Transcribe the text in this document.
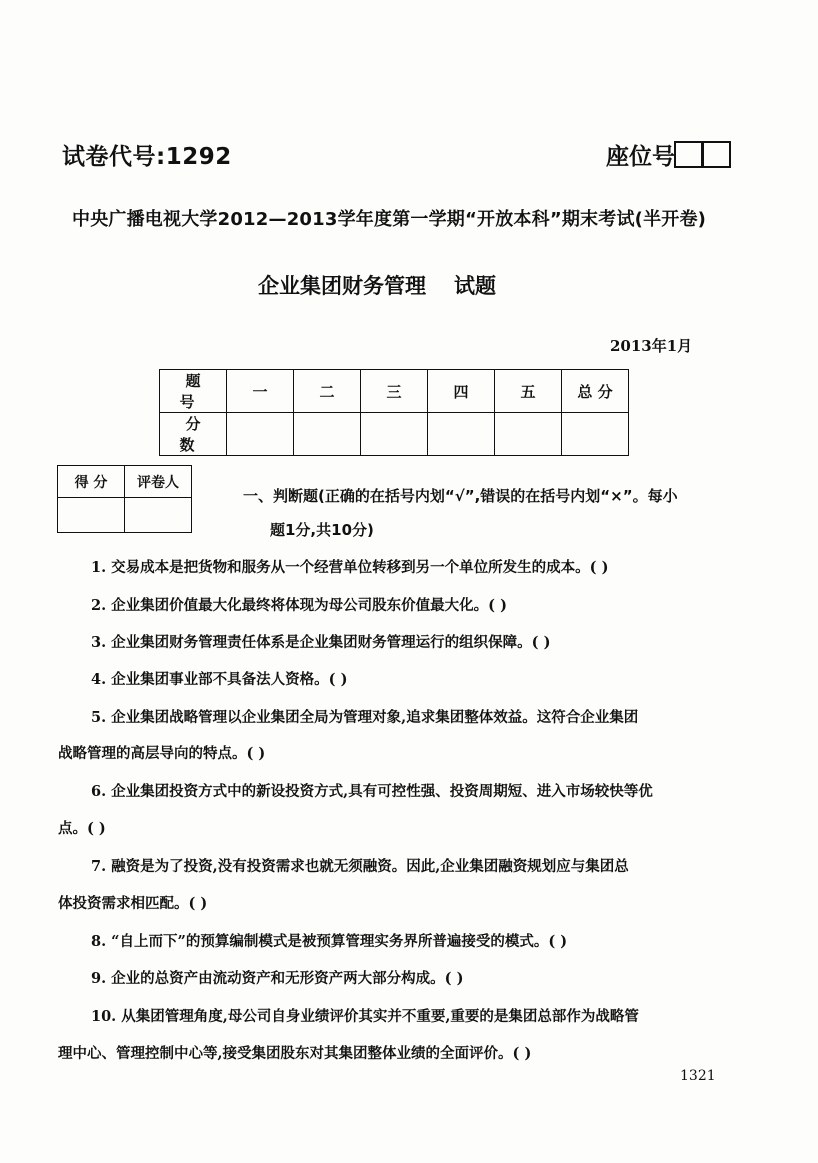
试卷代号:1292	座位号
中央广播电视大学2012—2013学年度第一学期“开放本科”期末考试(半开卷)
企业集团财务管理 试题
2013年1月
题 号	一	二	三	四	五	总 分
分 数						
得 分	评卷人

一、判断题(正确的在括号内划“√”,错误的在括号内划“×”。每小
题1分,共10分)
1. 交易成本是把货物和服务从一个经营单位转移到另一个单位所发生的成本。( )
2. 企业集团价值最大化最终将体现为母公司股东价值最大化。( )
3. 企业集团财务管理责任体系是企业集团财务管理运行的组织保障。( )
4. 企业集团事业部不具备法人资格。( )
5. 企业集团战略管理以企业集团全局为管理对象,追求集团整体效益。这符合企业集团
战略管理的高层导向的特点。( )
6. 企业集团投资方式中的新设投资方式,具有可控性强、投资周期短、进入市场较快等优
点。( )
7. 融资是为了投资,没有投资需求也就无须融资。因此,企业集团融资规划应与集团总
体投资需求相匹配。( )
8. “自上而下”的预算编制模式是被预算管理实务界所普遍接受的模式。( )
9. 企业的总资产由流动资产和无形资产两大部分构成。( )
10. 从集团管理角度,母公司自身业绩评价其实并不重要,重要的是集团总部作为战略管
理中心、管理控制中心等,接受集团股东对其集团整体业绩的全面评价。( )
1321
